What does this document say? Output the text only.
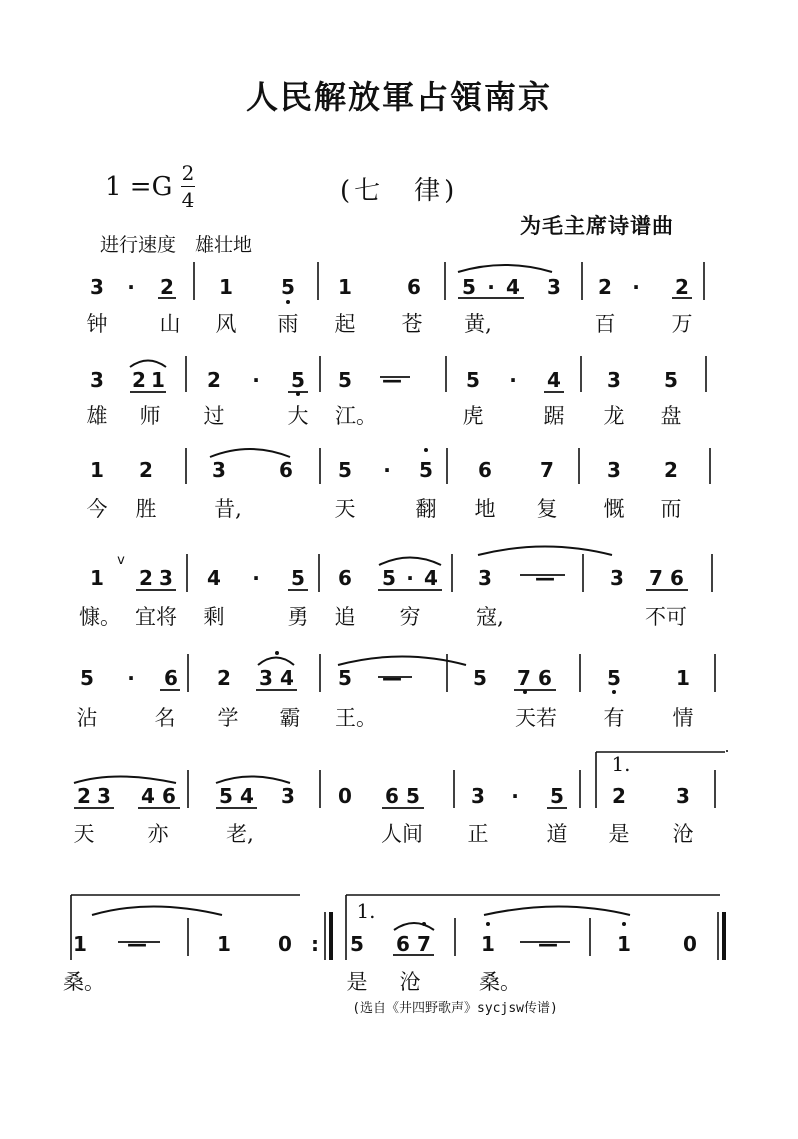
人民解放軍占領南京
1 =G 2
4	(七　律)
为毛主席诗谱曲
进行速度　雄壮地
3 · 2 1 5 1	6 5 · 4 3 2 · 2
钟 山 风 雨 起 苍 黄,	百	万
3 2 1 2 · 5 5 —	5 · 4 3 5
雄 师 过	大 江。	虎	踞 龙 盘
1 2	3	6 5 · 5 6 7	3 2
今 胜	昔,	天	翻 地 复 慨 而
1
v
2 3 4 · 5 6 5 · 4 3 —	3 7 6
慷。 宜将 剩	勇 追 穷	寇,	不可
5 · 6 2 3 4 5 —	5 7 6	5	1
沾	名 学 霸 王。	天若 有 情
2 3 4 6 5 4 3 0 6 5	3 · 5 2	3
天	亦	老,	人间 正	道 是 沧
1.
1 —	1 0 : 5 6 7	1 —	1	0
桑。	是 沧	桑。
1.
(选自《井四野歌声》sycjsw传谱)
